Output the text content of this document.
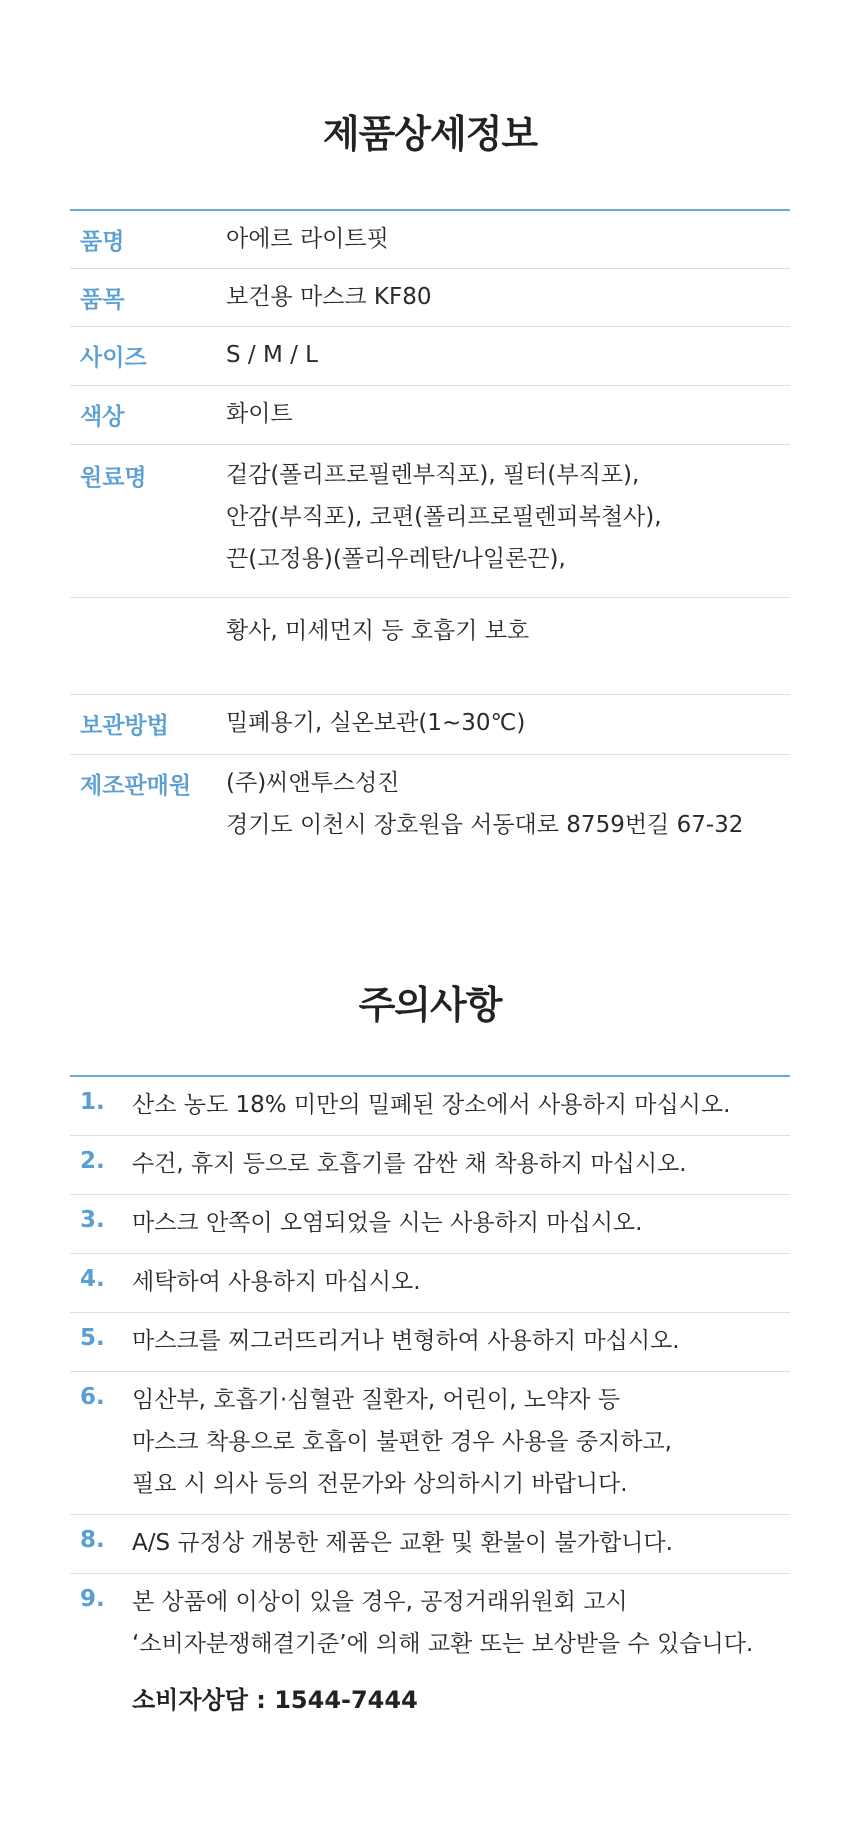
제품상세정보
품명	아에르 라이트핏
품목	보건용 마스크 KF80
사이즈	S / M / L
색상	화이트
원료명	겉감(폴리프로필렌부직포), 필터(부직포),
안감(부직포), 코편(폴리프로필렌피복철사),
끈(고정용)(폴리우레탄/나일론끈),
황사, 미세먼지 등 호흡기 보호
보관방법 밀폐용기, 실온보관(1~30℃)
제조판매원 (주)씨앤투스성진
경기도 이천시 장호원읍 서동대로 8759번길 67-32
주의사항
1. 산소 농도 18% 미만의 밀폐된 장소에서 사용하지 마십시오.
2. 수건, 휴지 등으로 호흡기를 감싼 채 착용하지 마십시오.
3. 마스크 안쪽이 오염되었을 시는 사용하지 마십시오.
4. 세탁하여 사용하지 마십시오.
5. 마스크를 찌그러뜨리거나 변형하여 사용하지 마십시오.
6. 임산부, 호흡기·심혈관 질환자, 어린이, 노약자 등
마스크 착용으로 호흡이 불편한 경우 사용을 중지하고,
필요 시 의사 등의 전문가와 상의하시기 바랍니다.
8. A/S 규정상 개봉한 제품은 교환 및 환불이 불가합니다.
9. 본 상품에 이상이 있을 경우, 공정거래위원회 고시
‘소비자분쟁해결기준’에 의해 교환 또는 보상받을 수 있습니다.
소비자상담 : 1544-7444
